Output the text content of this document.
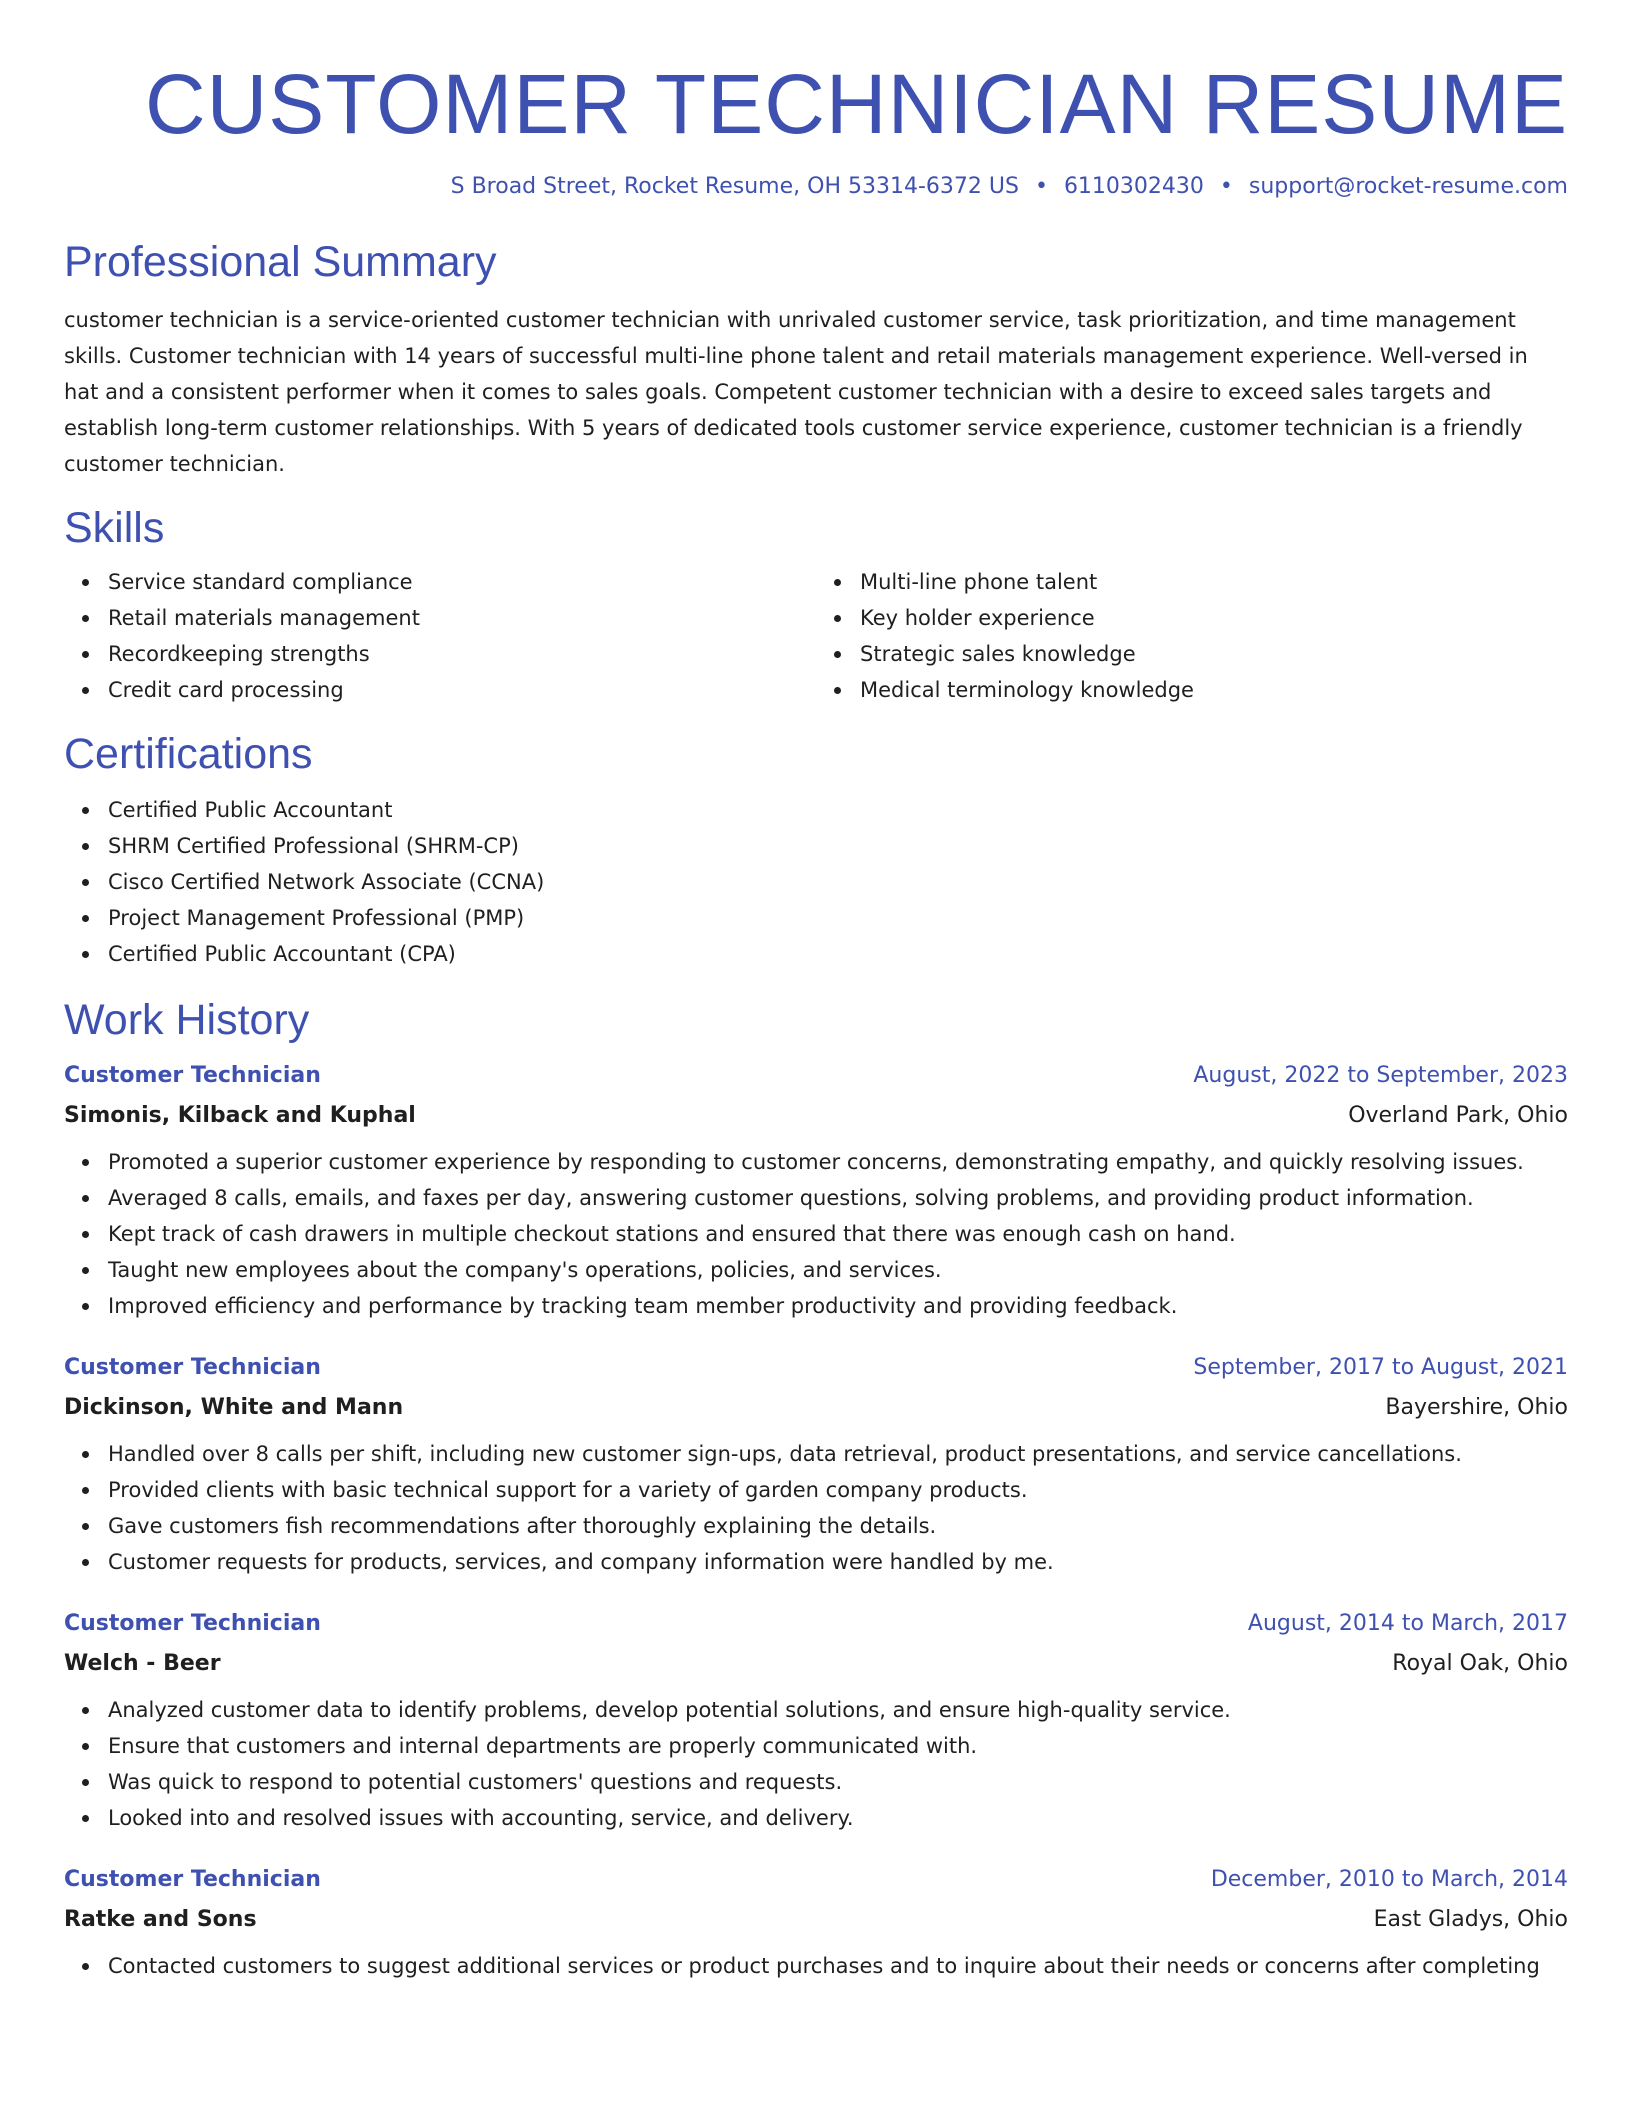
CUSTOMER TECHNICIAN RESUME
S Broad Street, Rocket Resume, OH 53314-6372 US • 6110302430 • support@rocket-resume.com
Professional Summary
customer technician is a service-oriented customer technician with unrivaled customer service, task prioritization, and time management skills. Customer technician with 14 years of successful multi-line phone talent and retail materials management experience. Well-versed in hat and a consistent performer when it comes to sales goals. Competent customer technician with a desire to exceed sales targets and establish long-term customer relationships. With 5 years of dedicated tools customer service experience, customer technician is a friendly customer technician.
Skills
Service standard compliance
Retail materials management
Recordkeeping strengths
Credit card processing
Multi-line phone talent
Key holder experience
Strategic sales knowledge
Medical terminology knowledge
Certifications
Certified Public Accountant
SHRM Certified Professional (SHRM-CP)
Cisco Certified Network Associate (CCNA)
Project Management Professional (PMP)
Certified Public Accountant (CPA)
Work History
Customer Technician	August, 2022 to September, 2023
Simonis, Kilback and Kuphal	Overland Park, Ohio
Promoted a superior customer experience by responding to customer concerns, demonstrating empathy, and quickly resolving issues.
Averaged 8 calls, emails, and faxes per day, answering customer questions, solving problems, and providing product information.
Kept track of cash drawers in multiple checkout stations and ensured that there was enough cash on hand.
Taught new employees about the company's operations, policies, and services.
Improved efficiency and performance by tracking team member productivity and providing feedback.
Customer Technician	September, 2017 to August, 2021
Dickinson, White and Mann	Bayershire, Ohio
Handled over 8 calls per shift, including new customer sign-ups, data retrieval, product presentations, and service cancellations.
Provided clients with basic technical support for a variety of garden company products.
Gave customers fish recommendations after thoroughly explaining the details.
Customer requests for products, services, and company information were handled by me.
Customer Technician	August, 2014 to March, 2017
Welch - Beer	Royal Oak, Ohio
Analyzed customer data to identify problems, develop potential solutions, and ensure high-quality service.
Ensure that customers and internal departments are properly communicated with.
Was quick to respond to potential customers' questions and requests.
Looked into and resolved issues with accounting, service, and delivery.
Customer Technician	December, 2010 to March, 2014
Ratke and Sons	East Gladys, Ohio
Contacted customers to suggest additional services or product purchases and to inquire about their needs or concerns after completing
